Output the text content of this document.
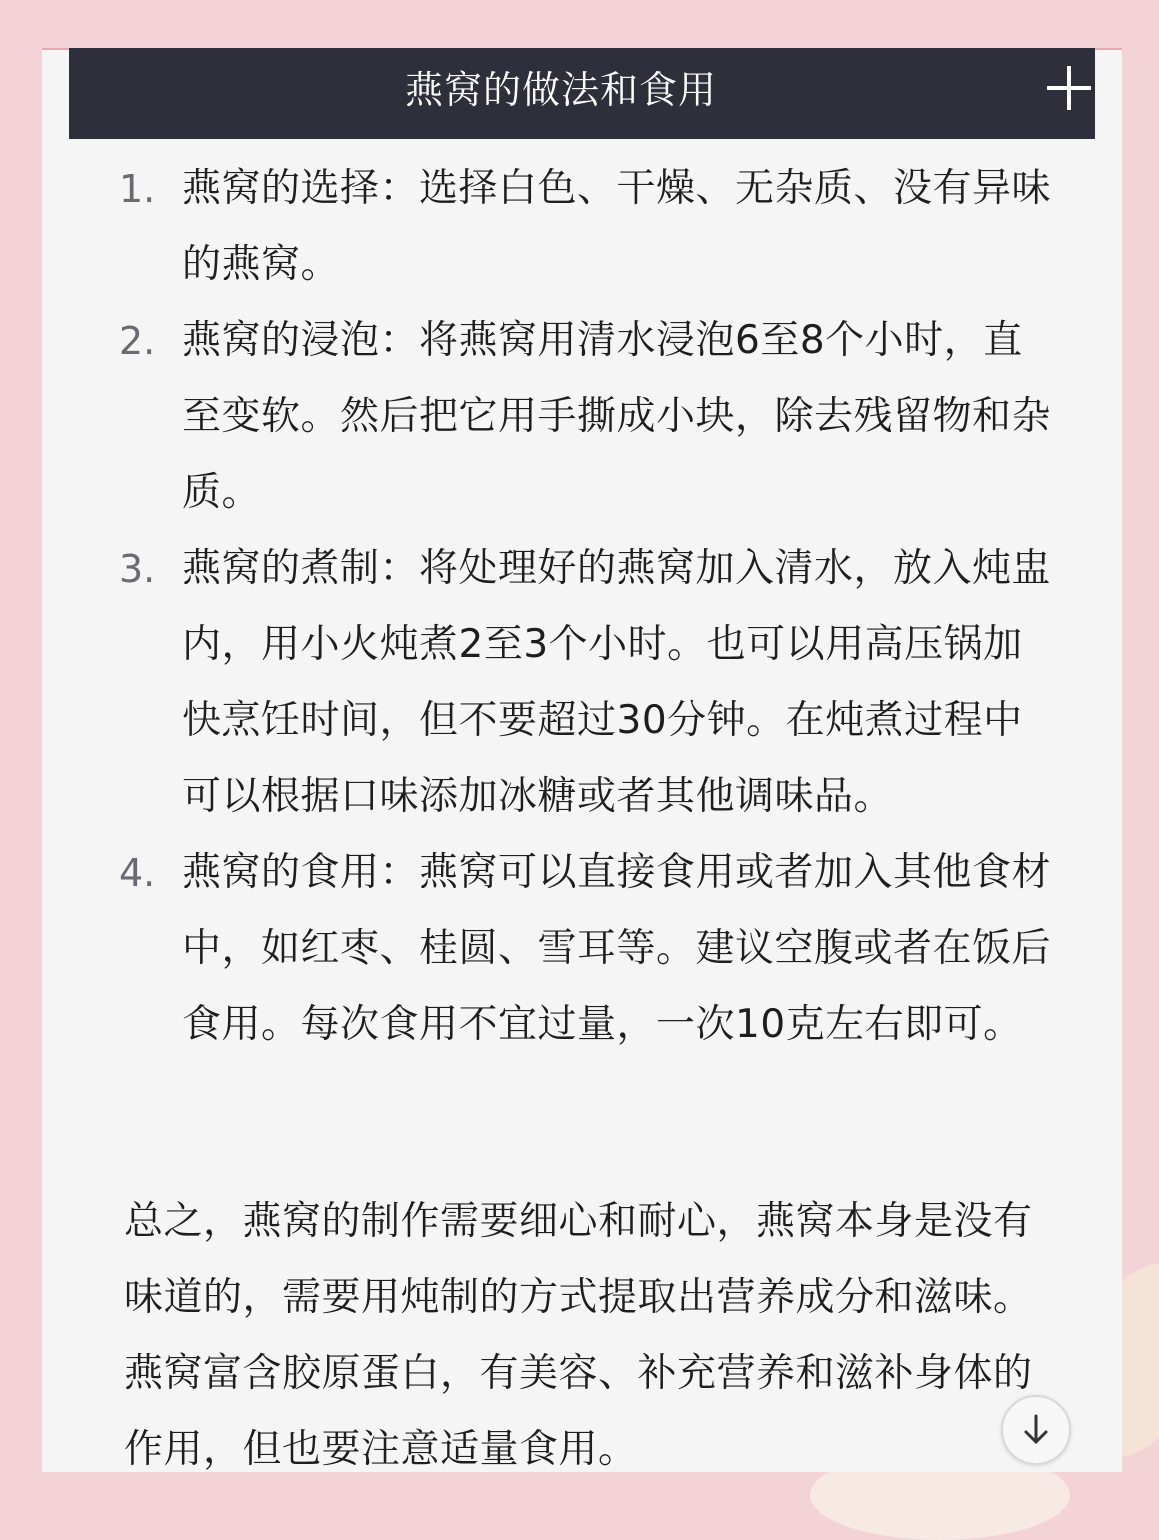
燕窝的做法和食用
1. 燕窝的选择：选择白色、干燥、无杂质、没有异味的燕窝。
2. 燕窝的浸泡：将燕窝用清水浸泡6至8个小时，直至变软。然后把它用手撕成小块，除去残留物和杂质。
3. 燕窝的煮制：将处理好的燕窝加入清水，放入炖盅内，用小火炖煮2至3个小时。也可以用高压锅加快烹饪时间，但不要超过30分钟。在炖煮过程中可以根据口味添加冰糖或者其他调味品。
4. 燕窝的食用：燕窝可以直接食用或者加入其他食材中，如红枣、桂圆、雪耳等。建议空腹或者在饭后食用。每次食用不宜过量，一次10克左右即可。
总之，燕窝的制作需要细心和耐心，燕窝本身是没有味道的，需要用炖制的方式提取出营养成分和滋味。燕窝富含胶原蛋白，有美容、补充营养和滋补身体的作用，但也要注意适量食用。
